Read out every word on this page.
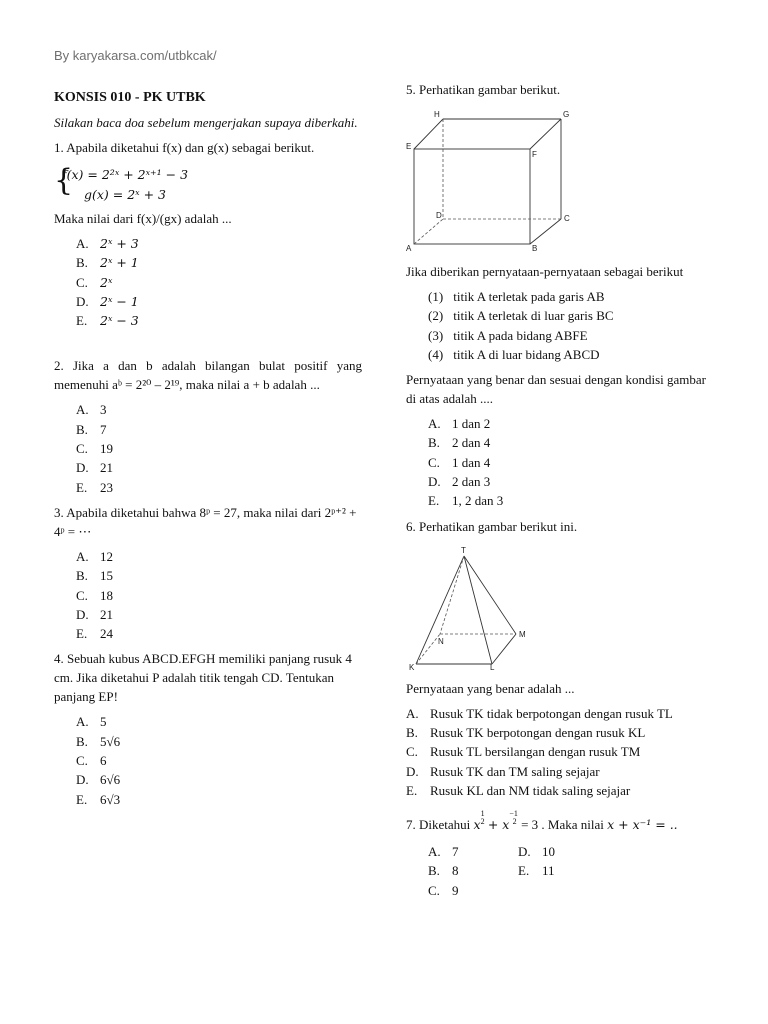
By karyakarsa.com/utbkcak/
KONSIS 010 - PK UTBK
Silakan baca doa sebelum mengerjakan supaya diberkahi.
1. Apabila diketahui f(x) dan g(x) sebagai berikut.
{
f(x) = 2²ˣ + 2ˣ⁺¹ − 3
g(x) = 2ˣ + 3
Maka nilai dari f(x)/(gx) adalah ...
A. 2ˣ + 3
B. 2ˣ + 1
C. 2ˣ
D. 2ˣ − 1
E. 2ˣ − 3
2. Jika a dan b adalah bilangan bulat positif yang memenuhi aᵇ = 2²⁰ – 2¹⁹, maka nilai a + b adalah ...
A. 3
B. 7
C. 19
D. 21
E. 23
3. Apabila diketahui bahwa 8ᵖ = 27, maka nilai dari 2ᵖ⁺² + 4ᵖ = ⋯
A. 12
B. 15
C. 18
D. 21
E. 24
4. Sebuah kubus ABCD.EFGH memiliki panjang rusuk 4 cm. Jika diketahui P adalah titik tengah CD. Tentukan panjang EP!
A. 5
B. 5√6
C. 6
D. 6√6
E. 6√3
5. Perhatikan gambar berikut.
H	G
E
F
D	C
A	B
Jika diberikan pernyataan-pernyataan sebagai berikut
(1) titik A terletak pada garis AB
(2) titik A terletak di luar garis BC
(3) titik A pada bidang ABFE
(4) titik A di luar bidang ABCD
Pernyataan yang benar dan sesuai dengan kondisi gambar di atas adalah ....
A. 1 dan 2
B. 2 dan 4
C. 1 dan 4
D. 2 dan 3
E. 1, 2 dan 3
6. Perhatikan gambar berikut ini.
T
N
M
K	L
Pernyataan yang benar adalah ...
A. Rusuk TK tidak berpotongan dengan rusuk TL
B. Rusuk TK berpotongan dengan rusuk KL
C. Rusuk TL bersilangan dengan rusuk TM
D. Rusuk TK dan TM saling sejajar
E. Rusuk KL dan NM tidak saling sejajar
7. Diketahui x1
2 + x−1
2 = 3 . Maka nilai x + x⁻¹ = ..
A. 7
B. 8
C. 9
D. 10
E. 11
